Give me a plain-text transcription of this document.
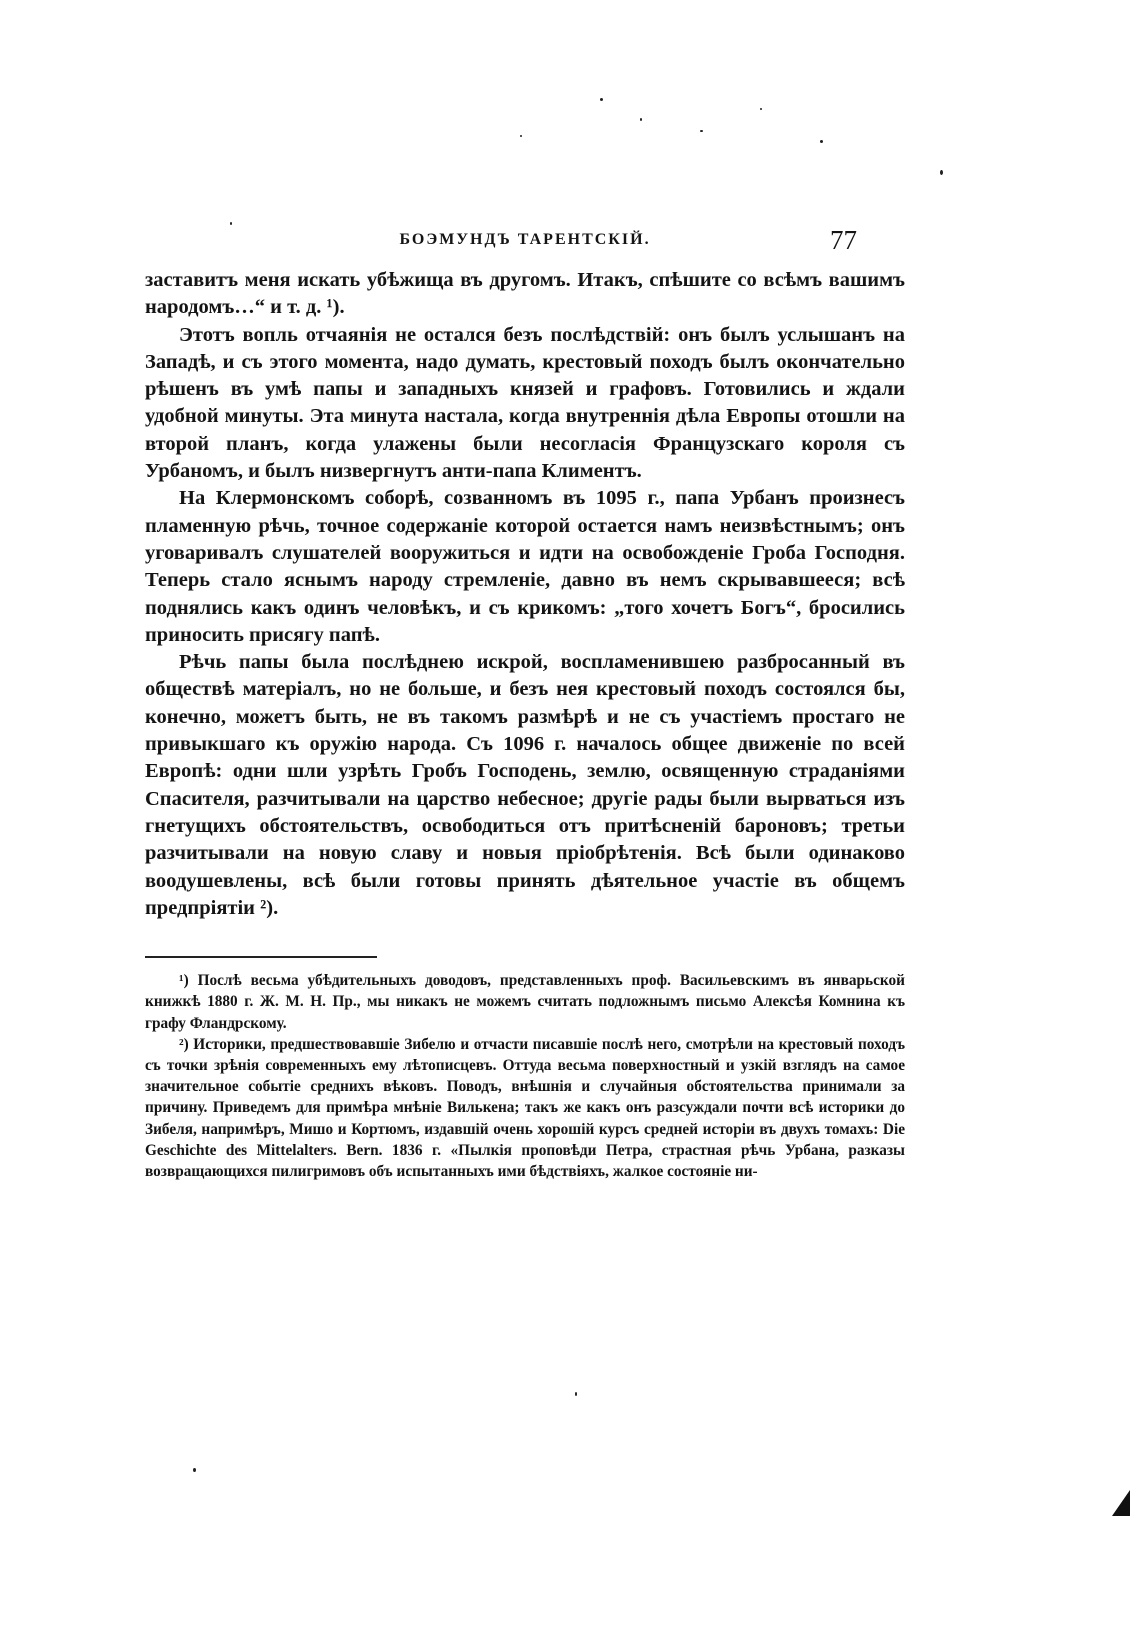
БОЭМУНДЪ ТАРЕНТСКІЙ.	77

заставитъ меня искать убѣжища въ другомъ. Итакъ, спѣшите со всѣмъ вашимъ народомъ…“ и т. д. ¹).

Этотъ вопль отчаянія не остался безъ послѣдствій: онъ былъ услышанъ на Западѣ, и съ этого момента, надо думать, крестовый походъ былъ окончательно рѣшенъ въ умѣ папы и западныхъ князей и графовъ. Готовились и ждали удобной минуты. Эта минута настала, когда внутреннія дѣла Европы отошли на второй планъ, когда улажены были несогласія Французскаго короля съ Урбаномъ, и былъ низвергнутъ анти-папа Климентъ.

На Клермонскомъ соборѣ, созванномъ въ 1095 г., папа Урбанъ произнесъ пламенную рѣчь, точное содержаніе которой остается намъ неизвѣстнымъ; онъ уговаривалъ слушателей вооружиться и идти на освобожденіе Гроба Господня. Теперь стало яснымъ народу стремленіе, давно въ немъ скрывавшееся; всѣ поднялись какъ одинъ человѣкъ, и съ крикомъ: „того хочетъ Богъ“, бросились приносить присягу папѣ.

Рѣчь папы была послѣднею искрой, воспламенившею разбросанный въ обществѣ матеріалъ, но не больше, и безъ нея крестовый походъ состоялся бы, конечно, можетъ быть, не въ такомъ размѣрѣ и не съ участіемъ простаго не привыкшаго къ оружію народа. Съ 1096 г. началось общее движеніе по всей Европѣ: одни шли узрѣть Гробъ Господень, землю, освященную страданіями Спасителя, разчитывали на царство небесное; другіе рады были вырваться изъ гнетущихъ обстоятельствъ, освободиться отъ притѣсненій бароновъ; третьи разчитывали на новую славу и новыя пріобрѣтенія. Всѣ были одинаково воодушевлены, всѣ были готовы принять дѣятельное участіе въ общемъ предпріятіи ²).

¹) Послѣ весьма убѣдительныхъ доводовъ, представленныхъ проф. Васильевскимъ въ январьской книжкѣ 1880 г. Ж. М. Н. Пр., мы никакъ не можемъ считать подложнымъ письмо Алексѣя Комнина къ графу Фландрскому.

²) Историки, предшествовавшіе Зибелю и отчасти писавшіе послѣ него, смотрѣли на крестовый походъ съ точки зрѣнія современныхъ ему лѣтописцевъ. Оттуда весьма поверхностный и узкій взглядъ на самое значительное событіе среднихъ вѣковъ. Поводъ, внѣшнія и случайныя обстоятельства принимали за причину. Приведемъ для примѣра мнѣніе Вилькена; такъ же какъ онъ разсуждали почти всѣ историки до Зибеля, напримѣръ, Мишо и Кортюмъ, издавшій очень хорошій курсъ средней исторіи въ двухъ томахъ: Die Geschichte des Mittelalters. Bern. 1836 г. «Пылкія проповѣди Петра, страстная рѣчь Урбана, разказы возвращающихся пилигримовъ объ испытанныхъ ими бѣдствіяхъ, жалкое состояніе ни-
